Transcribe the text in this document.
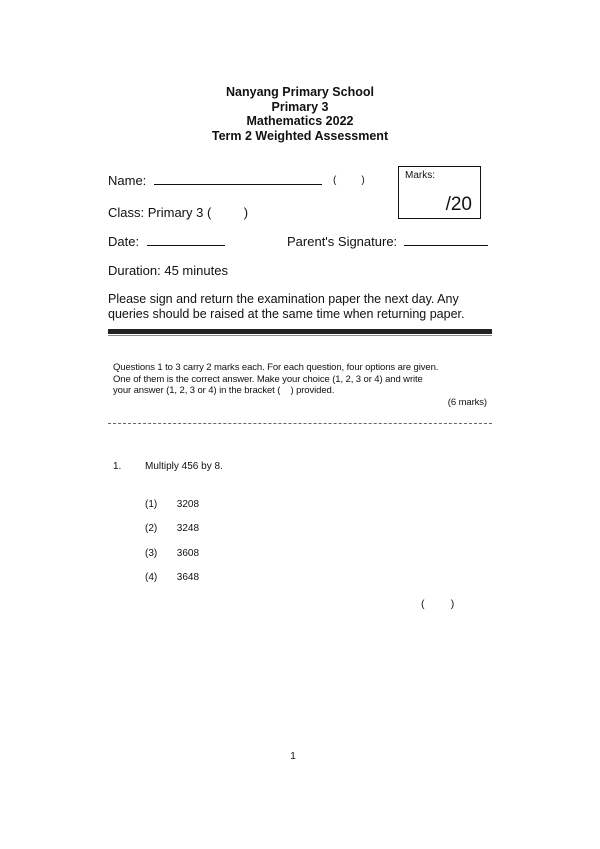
Nanyang Primary School
Primary 3
Mathematics 2022
Term 2 Weighted Assessment
Name:	(         )	Marks:
/20
Class: Primary 3 (         )
Date:	Parent's Signature:
Duration: 45 minutes
Please sign and return the examination paper the next day. Any
queries should be raised at the same time when returning paper.
Questions 1 to 3 carry 2 marks each. For each question, four options are given.
One of them is the correct answer. Make your choice (1, 2, 3 or 4) and write
your answer (1, 2, 3 or 4) in the bracket (    ) provided.
(6 marks)
1. Multiply 456 by 8.
(1) 3208
(2) 3248
(3) 3608
(4) 3648
(         )
1
